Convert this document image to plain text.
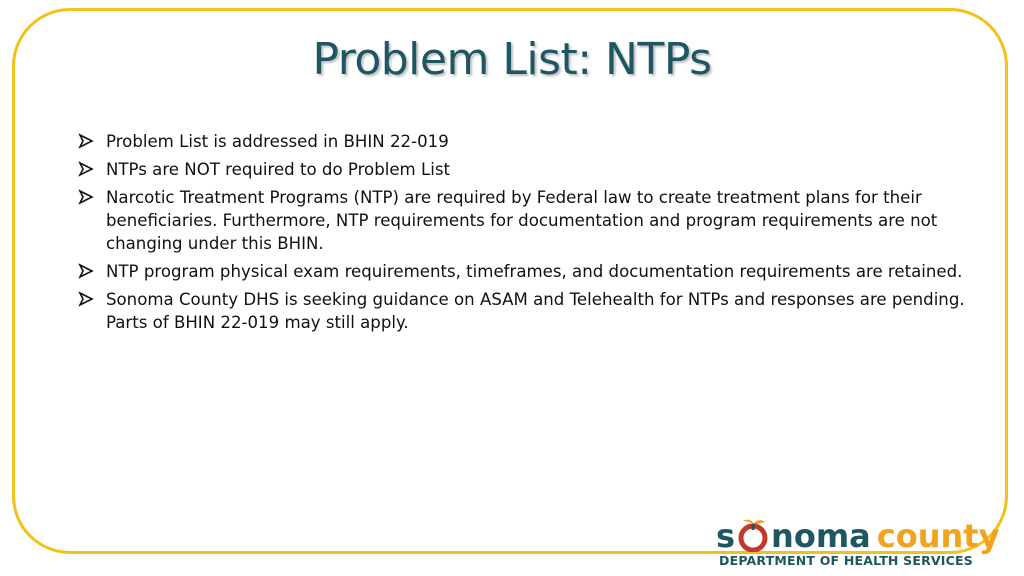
Problem List: NTPs
Problem List is addressed in BHIN 22-019
NTPs are NOT required to do Problem List
Narcotic Treatment Programs (NTP) are required by Federal law to create treatment plans for their beneficiaries. Furthermore, NTP requirements for documentation and program requirements are not changing under this BHIN.
NTP program physical exam requirements, timeframes, and documentation requirements are retained.
Sonoma County DHS is seeking guidance on ASAM and Telehealth for NTPs and responses are pending. Parts of BHIN 22-019 may still apply.
s noma county
DEPARTMENT OF HEALTH SERVICES
